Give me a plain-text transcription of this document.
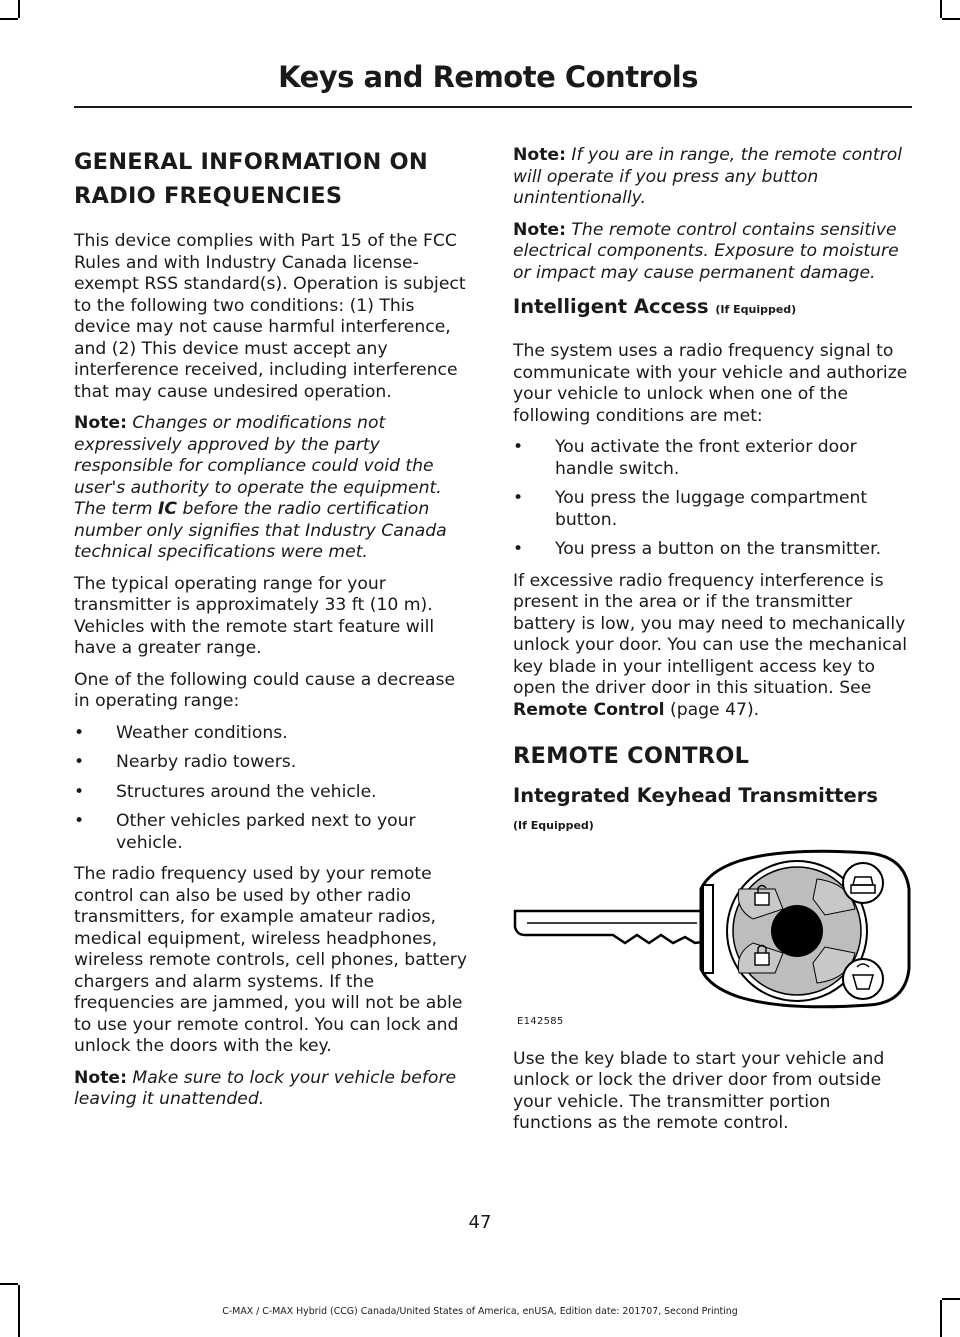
Keys and Remote Controls
GENERAL INFORMATION ON
RADIO FREQUENCIES

This device complies with Part 15 of the FCC Rules and with Industry Canada license-exempt RSS standard(s). Operation is subject to the following two conditions: (1) This device may not cause harmful interference, and (2) This device must accept any interference received, including interference that may cause undesired operation.

Note: Changes or modifications not expressively approved by the party responsible for compliance could void the user's authority to operate the equipment. The term IC before the radio certification number only signifies that Industry Canada technical specifications were met.

The typical operating range for your transmitter is approximately 33 ft (10 m). Vehicles with the remote start feature will have a greater range.

One of the following could cause a decrease in operating range:

• Weather conditions.
• Nearby radio towers.
• Structures around the vehicle.
• Other vehicles parked next to your vehicle.

The radio frequency used by your remote control can also be used by other radio transmitters, for example amateur radios, medical equipment, wireless headphones, wireless remote controls, cell phones, battery chargers and alarm systems. If the frequencies are jammed, you will not be able to use your remote control. You can lock and unlock the doors with the key.

Note: Make sure to lock your vehicle before leaving it unattended.

Note: If you are in range, the remote control will operate if you press any button unintentionally.

Note: The remote control contains sensitive electrical components. Exposure to moisture or impact may cause permanent damage.

Intelligent Access (If Equipped)

The system uses a radio frequency signal to communicate with your vehicle and authorize your vehicle to unlock when one of the following conditions are met:

• You activate the front exterior door handle switch.
• You press the luggage compartment button.
• You press a button on the transmitter.

If excessive radio frequency interference is present in the area or if the transmitter battery is low, you may need to mechanically unlock your door. You can use the mechanical key blade in your intelligent access key to open the driver door in this situation. See Remote Control (page 47).

REMOTE CONTROL
Integrated Keyhead Transmitters
(If Equipped)
E142585

Use the key blade to start your vehicle and unlock or lock the driver door from outside your vehicle. The transmitter portion functions as the remote control.

47
C-MAX / C-MAX Hybrid (CCG) Canada/United States of America, enUSA, Edition date: 201707, Second Printing
